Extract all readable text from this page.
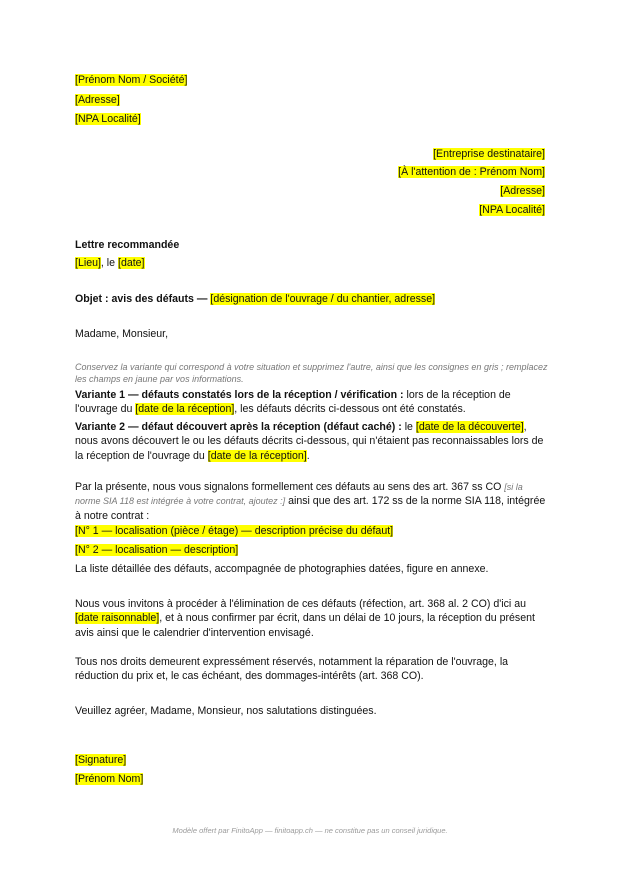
[Prénom Nom / Société]
[Adresse]
[NPA Localité]
[Entreprise destinataire]
[À l'attention de : Prénom Nom]
[Adresse]
[NPA Localité]
Lettre recommandée
[Lieu], le [date]
Objet : avis des défauts — [désignation de l'ouvrage / du chantier, adresse]
Madame, Monsieur,
Conservez la variante qui correspond à votre situation et supprimez l'autre, ainsi que les consignes en gris ; remplacez les champs en jaune par vos informations.
Variante 1 — défauts constatés lors de la réception / vérification : lors de la réception de l'ouvrage du [date de la réception], les défauts décrits ci-dessous ont été constatés.
Variante 2 — défaut découvert après la réception (défaut caché) : le [date de la découverte], nous avons découvert le ou les défauts décrits ci-dessous, qui n'étaient pas reconnaissables lors de la réception de l'ouvrage du [date de la réception].
Par la présente, nous vous signalons formellement ces défauts au sens des art. 367 ss CO [si la norme SIA 118 est intégrée à votre contrat, ajoutez :] ainsi que des art. 172 ss de la norme SIA 118, intégrée à notre contrat :
[N° 1 — localisation (pièce / étage) — description précise du défaut]
[N° 2 — localisation — description]
La liste détaillée des défauts, accompagnée de photographies datées, figure en annexe.
Nous vous invitons à procéder à l'élimination de ces défauts (réfection, art. 368 al. 2 CO) d'ici au [date raisonnable], et à nous confirmer par écrit, dans un délai de 10 jours, la réception du présent avis ainsi que le calendrier d'intervention envisagé.
Tous nos droits demeurent expressément réservés, notamment la réparation de l'ouvrage, la réduction du prix et, le cas échéant, des dommages-intérêts (art. 368 CO).
Veuillez agréer, Madame, Monsieur, nos salutations distinguées.
[Signature]
[Prénom Nom]
Modèle offert par FinitoApp — finitoapp.ch — ne constitue pas un conseil juridique.
